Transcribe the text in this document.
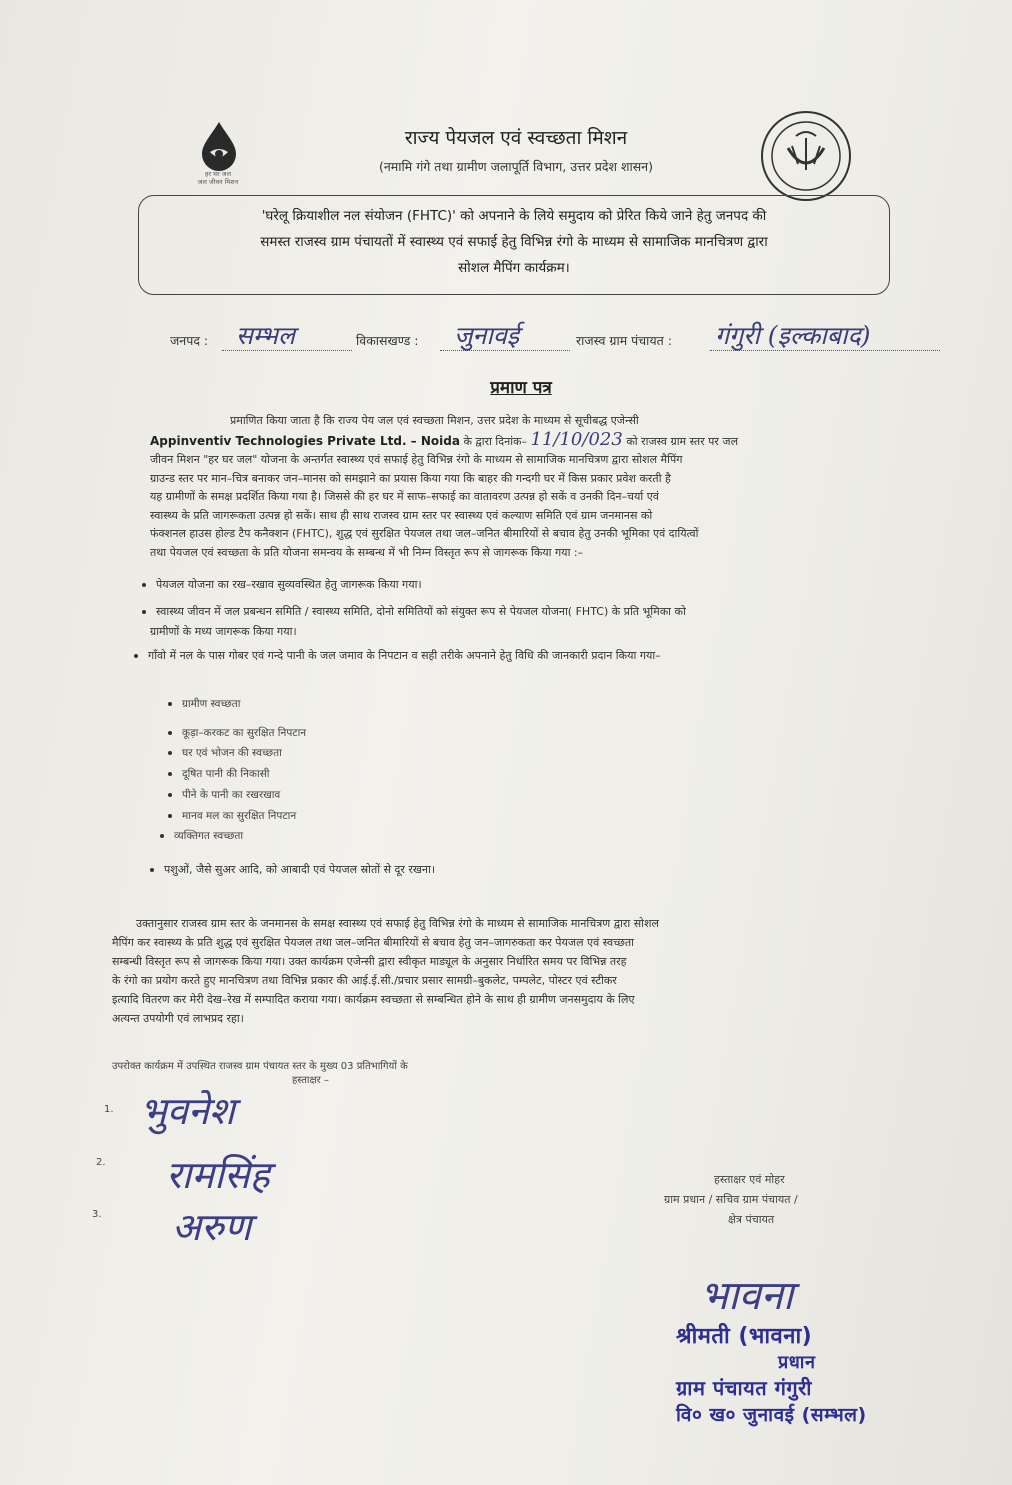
हर घर जल
जल जीवन मिशन
राज्य पेयजल एवं स्वच्छता मिशन
(नमामि गंगे तथा ग्रामीण जलापूर्ति विभाग, उत्तर प्रदेश शासन)
'घरेलू क्रियाशील नल संयोजन (FHTC)' को अपनाने के लिये समुदाय को प्रेरित किये जाने हेतु जनपद की
समस्त राजस्व ग्राम पंचायतों में स्वास्थ्य एवं सफाई हेतु विभिन्न रंगो के माध्यम से सामाजिक मानचित्रण द्वारा
सोशल मैपिंग कार्यक्रम।
जनपद : सम्भल	विकासखण्ड : जुनावई	राजस्व ग्राम पंचायत : गंगुरी (इल्काबाद)
प्रमाण पत्र
प्रमाणित किया जाता है कि राज्य पेय जल एवं स्वच्छता मिशन, उत्तर प्रदेश के माध्यम से सूचीबद्ध एजेन्सी
Appinventiv Technologies Private Ltd. – Noida के द्वारा दिनांक– 11/10/023 को राजस्व ग्राम स्तर पर जल
जीवन मिशन "हर घर जल" योजना के अन्तर्गत स्वास्थ्य एवं सफाई हेतु विभिन्न रंगो के माध्यम से सामाजिक मानचित्रण द्वारा सोशल मैपिंग
ग्राउन्ड स्तर पर मान–चित्र बनाकर जन–मानस को समझाने का प्रयास किया गया कि बाहर की गन्दगी घर में किस प्रकार प्रवेश करती है
यह ग्रामीणों के समक्ष प्रदर्शित किया गया है। जिससे की हर घर में साफ–सफाई का वातावरण उत्पन्न हो सकें व उनकी दिन–चर्या एवं
स्वास्थ्य के प्रति जागरूकता उत्पन्न हो सकें। साथ ही साथ राजस्व ग्राम स्तर पर स्वास्थ्य एवं कल्याण समिति एवं ग्राम जनमानस को
फंक्शनल हाउस होल्ड टैप कनैक्शन (FHTC), शुद्ध एवं सुरक्षित पेयजल तथा जल–जनित बीमारियों से बचाव हेतु उनकी भूमिका एवं दायित्वों
तथा पेयजल एवं स्वच्छता के प्रति योजना समन्वय के सम्बन्ध में भी निम्न विस्तृत रूप से जागरूक किया गया :–
पेयजल योजना का रख–रखाव सुव्यवस्थित हेतु जागरूक किया गया।
स्वास्थ्य जीवन में जल प्रबन्धन समिति / स्वास्थ्य समिति, दोनो समितियों को संयुक्त रूप से पेयजल योजना( FHTC) के प्रति भूमिका को
ग्रामीणों के मध्य जागरूक किया गया।
गाँवो में नल के पास गोबर एवं गन्दे पानी के जल जमाव के निपटान व सही तरीके अपनाने हेतु विधि की जानकारी प्रदान किया गया–
ग्रामीण स्वच्छता
कूड़ा–करकट का सुरक्षित निपटान
घर एवं भोजन की स्वच्छता
दूषित पानी की निकासी
पीने के पानी का रखरखाव
मानव मल का सुरक्षित निपटान
व्यक्तिगत स्वच्छता
पशुओं, जैसे सुअर आदि, को आबादी एवं पेयजल स्रोतों से दूर रखना।
उक्तानुसार राजस्व ग्राम स्तर के जनमानस के समक्ष स्वास्थ्य एवं सफाई हेतु विभिन्न रंगो के माध्यम से सामाजिक मानचित्रण द्वारा सोशल
मैपिंग कर स्वास्थ्य के प्रति शुद्ध एवं सुरक्षित पेयजल तथा जल–जनित बीमारियों से बचाव हेतु जन–जागरुकता कर पेयजल एवं स्वच्छता
सम्बन्धी विस्तृत रूप से जागरूक किया गया। उक्त कार्यक्रम एजेन्सी द्वारा स्वीकृत माड्यूल के अनुसार निर्धारित समय पर विभिन्न तरह
के रंगो का प्रयोग करते हुए मानचित्रण तथा विभिन्न प्रकार की आई.ई.सी./प्रचार प्रसार सामग्री–बुकलेट, पम्पलेट, पोस्टर एवं स्टीकर
इत्यादि वितरण कर मेरी देख–रेख में सम्पादित कराया गया। कार्यक्रम स्वच्छता से सम्बन्धित होने के साथ ही ग्रामीण जनसमुदाय के लिए
अत्यन्त उपयोगी एवं लाभप्रद रहा।
उपरोक्त कार्यक्रम में उपस्थित राजस्व ग्राम पंचायत स्तर के मुख्य 03 प्रतिभागियों के
हस्ताक्षर –
1. भुवनेश
2. रामसिंह
3. अरुण
हस्ताक्षर एवं मोहर
ग्राम प्रधान / सचिव ग्राम पंचायत /
क्षेत्र पंचायत
भावना
श्रीमती (भावना)
प्रधान
ग्राम पंचायत गंगुरी
वि० ख० जुनावई (सम्भल)
